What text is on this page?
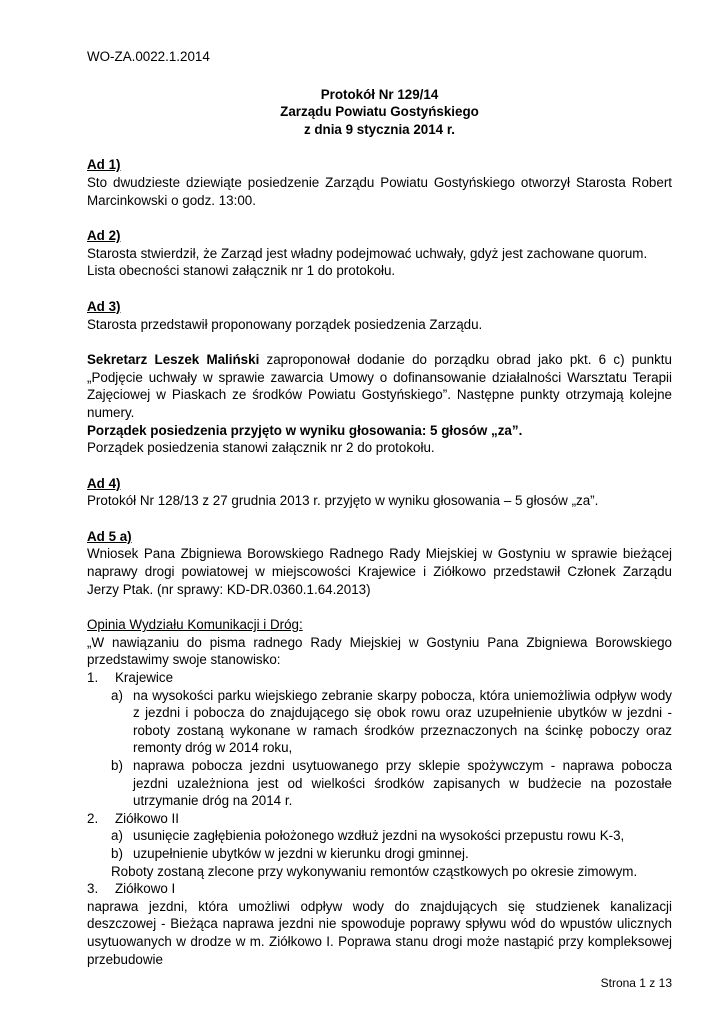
WO-ZA.0022.1.2014
Protokół Nr 129/14
Zarządu Powiatu Gostyńskiego
z dnia 9 stycznia 2014 r.
Ad 1)
Sto dwudzieste dziewiąte posiedzenie Zarządu Powiatu Gostyńskiego otworzył Starosta Robert Marcinkowski o godz. 13:00.
Ad 2)
Starosta stwierdził, że Zarząd jest władny podejmować uchwały, gdyż jest zachowane quorum.
Lista obecności stanowi załącznik nr 1 do protokołu.
Ad 3)
Starosta przedstawił proponowany porządek posiedzenia Zarządu.
Sekretarz Leszek Maliński zaproponował dodanie do porządku obrad jako pkt. 6 c) punktu „Podjęcie uchwały w sprawie zawarcia Umowy o dofinansowanie działalności Warsztatu Terapii Zajęciowej w Piaskach ze środków Powiatu Gostyńskiego”. Następne punkty otrzymają kolejne numery.
Porządek posiedzenia przyjęto w wyniku głosowania: 5 głosów „za”.
Porządek posiedzenia stanowi załącznik nr 2 do protokołu.
Ad 4)
Protokół Nr 128/13 z 27 grudnia 2013 r. przyjęto w wyniku głosowania – 5 głosów „za”.
Ad 5 a)
Wniosek Pana Zbigniewa Borowskiego Radnego Rady Miejskiej w Gostyniu w sprawie bieżącej naprawy drogi powiatowej w miejscowości Krajewice i Ziółkowo przedstawił Członek Zarządu Jerzy Ptak. (nr sprawy: KD-DR.0360.1.64.2013)
Opinia Wydziału Komunikacji i Dróg:
„W nawiązaniu do pisma radnego Rady Miejskiej w Gostyniu Pana Zbigniewa Borowskiego przedstawimy swoje stanowisko:
1. Krajewice
a) na wysokości parku wiejskiego zebranie skarpy pobocza, która uniemożliwia odpływ wody z jezdni i pobocza do znajdującego się obok rowu oraz uzupełnienie ubytków w jezdni - roboty zostaną wykonane w ramach środków przeznaczonych na ścinkę poboczy oraz remonty dróg w 2014 roku,
b) naprawa pobocza jezdni usytuowanego przy sklepie spożywczym - naprawa pobocza jezdni uzależniona jest od wielkości środków zapisanych w budżecie na pozostałe utrzymanie dróg na 2014 r.
2. Ziółkowo II
a) usunięcie zagłębienia położonego wzdłuż jezdni na wysokości przepustu rowu K-3,
b) uzupełnienie ubytków w jezdni w kierunku drogi gminnej.
Roboty zostaną zlecone przy wykonywaniu remontów cząstkowych po okresie zimowym.
3. Ziółkowo I
naprawa jezdni, która umożliwi odpływ wody do znajdujących się studzienek kanalizacji deszczowej - Bieżąca naprawa jezdni nie spowoduje poprawy spływu wód do wpustów ulicznych usytuowanych w drodze w m. Ziółkowo I. Poprawa stanu drogi może nastąpić przy kompleksowej przebudowie
Strona 1 z 13
